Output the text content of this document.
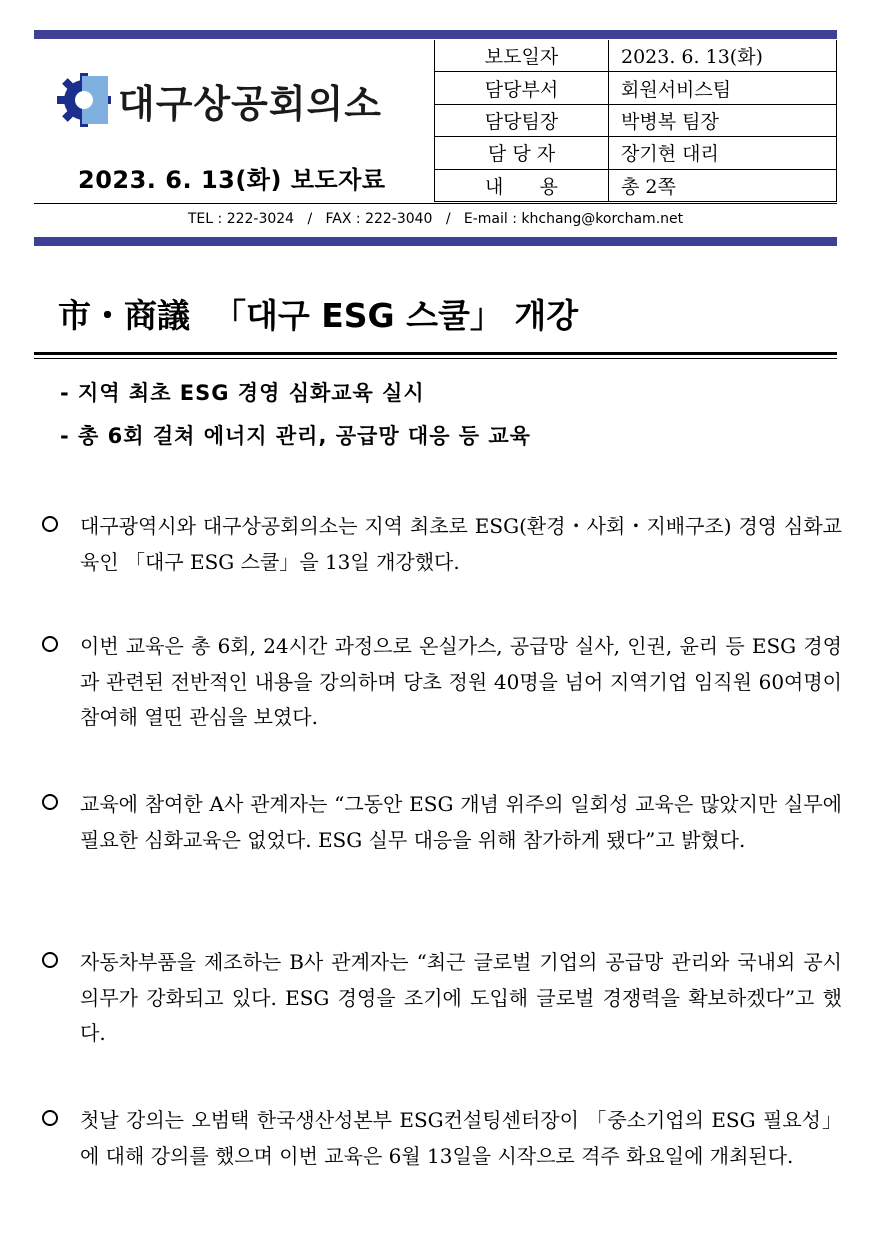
대구상공회의소
2023. 6. 13(화) 보도자료
보도일자	2023. 6. 13(화)
담당부서	회원서비스팀
담당팀장	박병복 팀장
담 당 자	장기현 대리
내      용	총 2쪽
TEL : 222-3024   /   FAX : 222-3040   /   E-mail : khchang@korcham.net
市・商議  「대구 ESG 스쿨」 개강
- 지역 최초 ESG 경영 심화교육 실시
- 총 6회 걸쳐 에너지 관리, 공급망 대응 등 교육
대구광역시와 대구상공회의소는 지역 최초로 ESG(환경・사회・지배구조) 경영 심화교육인 「대구 ESG 스쿨」을 13일 개강했다.
이번 교육은 총 6회, 24시간 과정으로 온실가스, 공급망 실사, 인권, 윤리 등 ESG 경영과 관련된 전반적인 내용을 강의하며 당초 정원 40명을 넘어 지역기업 임직원 60여명이 참여해 열띤 관심을 보였다.
교육에 참여한 A사 관계자는 “그동안 ESG 개념 위주의 일회성 교육은 많았지만 실무에 필요한 심화교육은 없었다. ESG 실무 대응을 위해 참가하게 됐다”고 밝혔다.
자동차부품을 제조하는 B사 관계자는 “최근 글로벌 기업의 공급망 관리와 국내외 공시 의무가 강화되고 있다. ESG 경영을 조기에 도입해 글로벌 경쟁력을 확보하겠다”고 했다.
첫날 강의는 오범택 한국생산성본부 ESG컨설팅센터장이 「중소기업의 ESG 필요성」에 대해 강의를 했으며 이번 교육은 6월 13일을 시작으로 격주 화요일에 개최된다.
